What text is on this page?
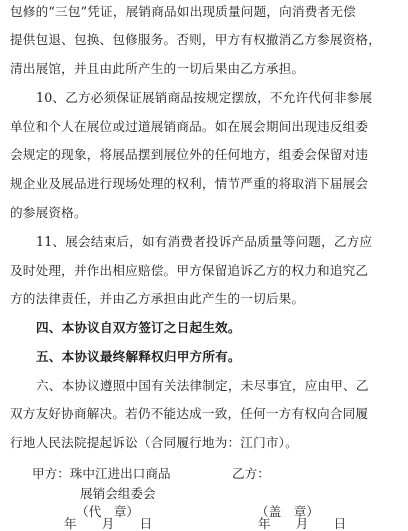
包修的“三包”凭证，展销商品如出现质量问题，向消费者无偿
提供包退、包换、包修服务。否则，甲方有权撤消乙方参展资格，
清出展馆，并且由此所产生的一切后果由乙方承担。
10、乙方必须保证展销商品按规定摆放，不允许代何非参展
单位和个人在展位或过道展销商品。如在展会期间出现违反组委
会规定的现象，将展品摆到展位外的任何地方，组委会保留对违
规企业及展品进行现场处理的权利，情节严重的将取消下届展会
的参展资格。
11、展会结束后，如有消费者投诉产品质量等问题，乙方应
及时处理，并作出相应赔偿。甲方保留追诉乙方的权力和追究乙
方的法律责任，并由乙方承担由此产生的一切后果。
四、本协议自双方签订之日起生效。
五、本协议最终解释权归甲方所有。
六、本协议遵照中国有关法律制定，未尽事宜，应由甲、乙
双方友好协商解决。若仍不能达成一致，任何一方有权向合同履
行地人民法院提起诉讼（合同履行地为：江门市）。
甲方：珠中江进出口商品	乙方：
展销会组委会
（代　章）	（盖　章）
年　　月　　日	年　　月　　日
